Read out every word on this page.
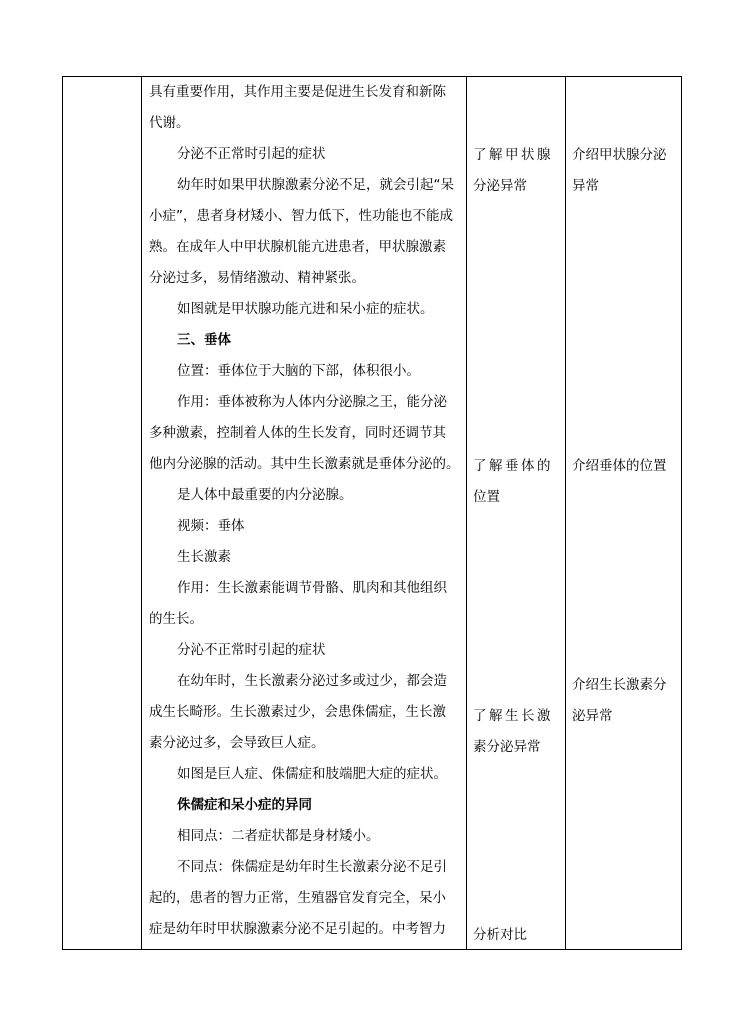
具有重要作用，其作用主要是促进生长发育和新陈
代谢。
分泌不正常时引起的症状
幼年时如果甲状腺激素分泌不足，就会引起“呆
小症”，患者身材矮小、智力低下，性功能也不能成
熟。在成年人中甲状腺机能亢进患者，甲状腺激素
分泌过多，易情绪激动、精神紧张。
如图就是甲状腺功能亢进和呆小症的症状。
三、垂体
位置：垂体位于大脑的下部，体积很小。
作用：垂体被称为人体内分泌腺之王，能分泌
多种激素，控制着人体的生长发育，同时还调节其
他内分泌腺的活动。其中生长激素就是垂体分泌的。
是人体中最重要的内分泌腺。
视频：垂体
生长激素
作用：生长激素能调节骨骼、肌肉和其他组织
的生长。
分沁不正常时引起的症状
在幼年时，生长激素分泌过多或过少，都会造
成生长畸形。生长激素过少，会患侏儒症，生长激
素分泌过多，会导致巨人症。
如图是巨人症、侏儒症和肢端肥大症的症状。
侏儒症和呆小症的异同
相同点：二者症状都是身材矮小。
不同点：侏儒症是幼年时生长激素分泌不足引
起的，患者的智力正常，生殖器官发育完全，呆小
症是幼年时甲状腺激素分泌不足引起的。中考智力
了解甲状腺
分泌异常
了解垂体的
位置
了解生长激
素分泌异常
分析对比
介绍甲状腺分泌
异常
介绍垂体的位置
介绍生长激素分
泌异常
